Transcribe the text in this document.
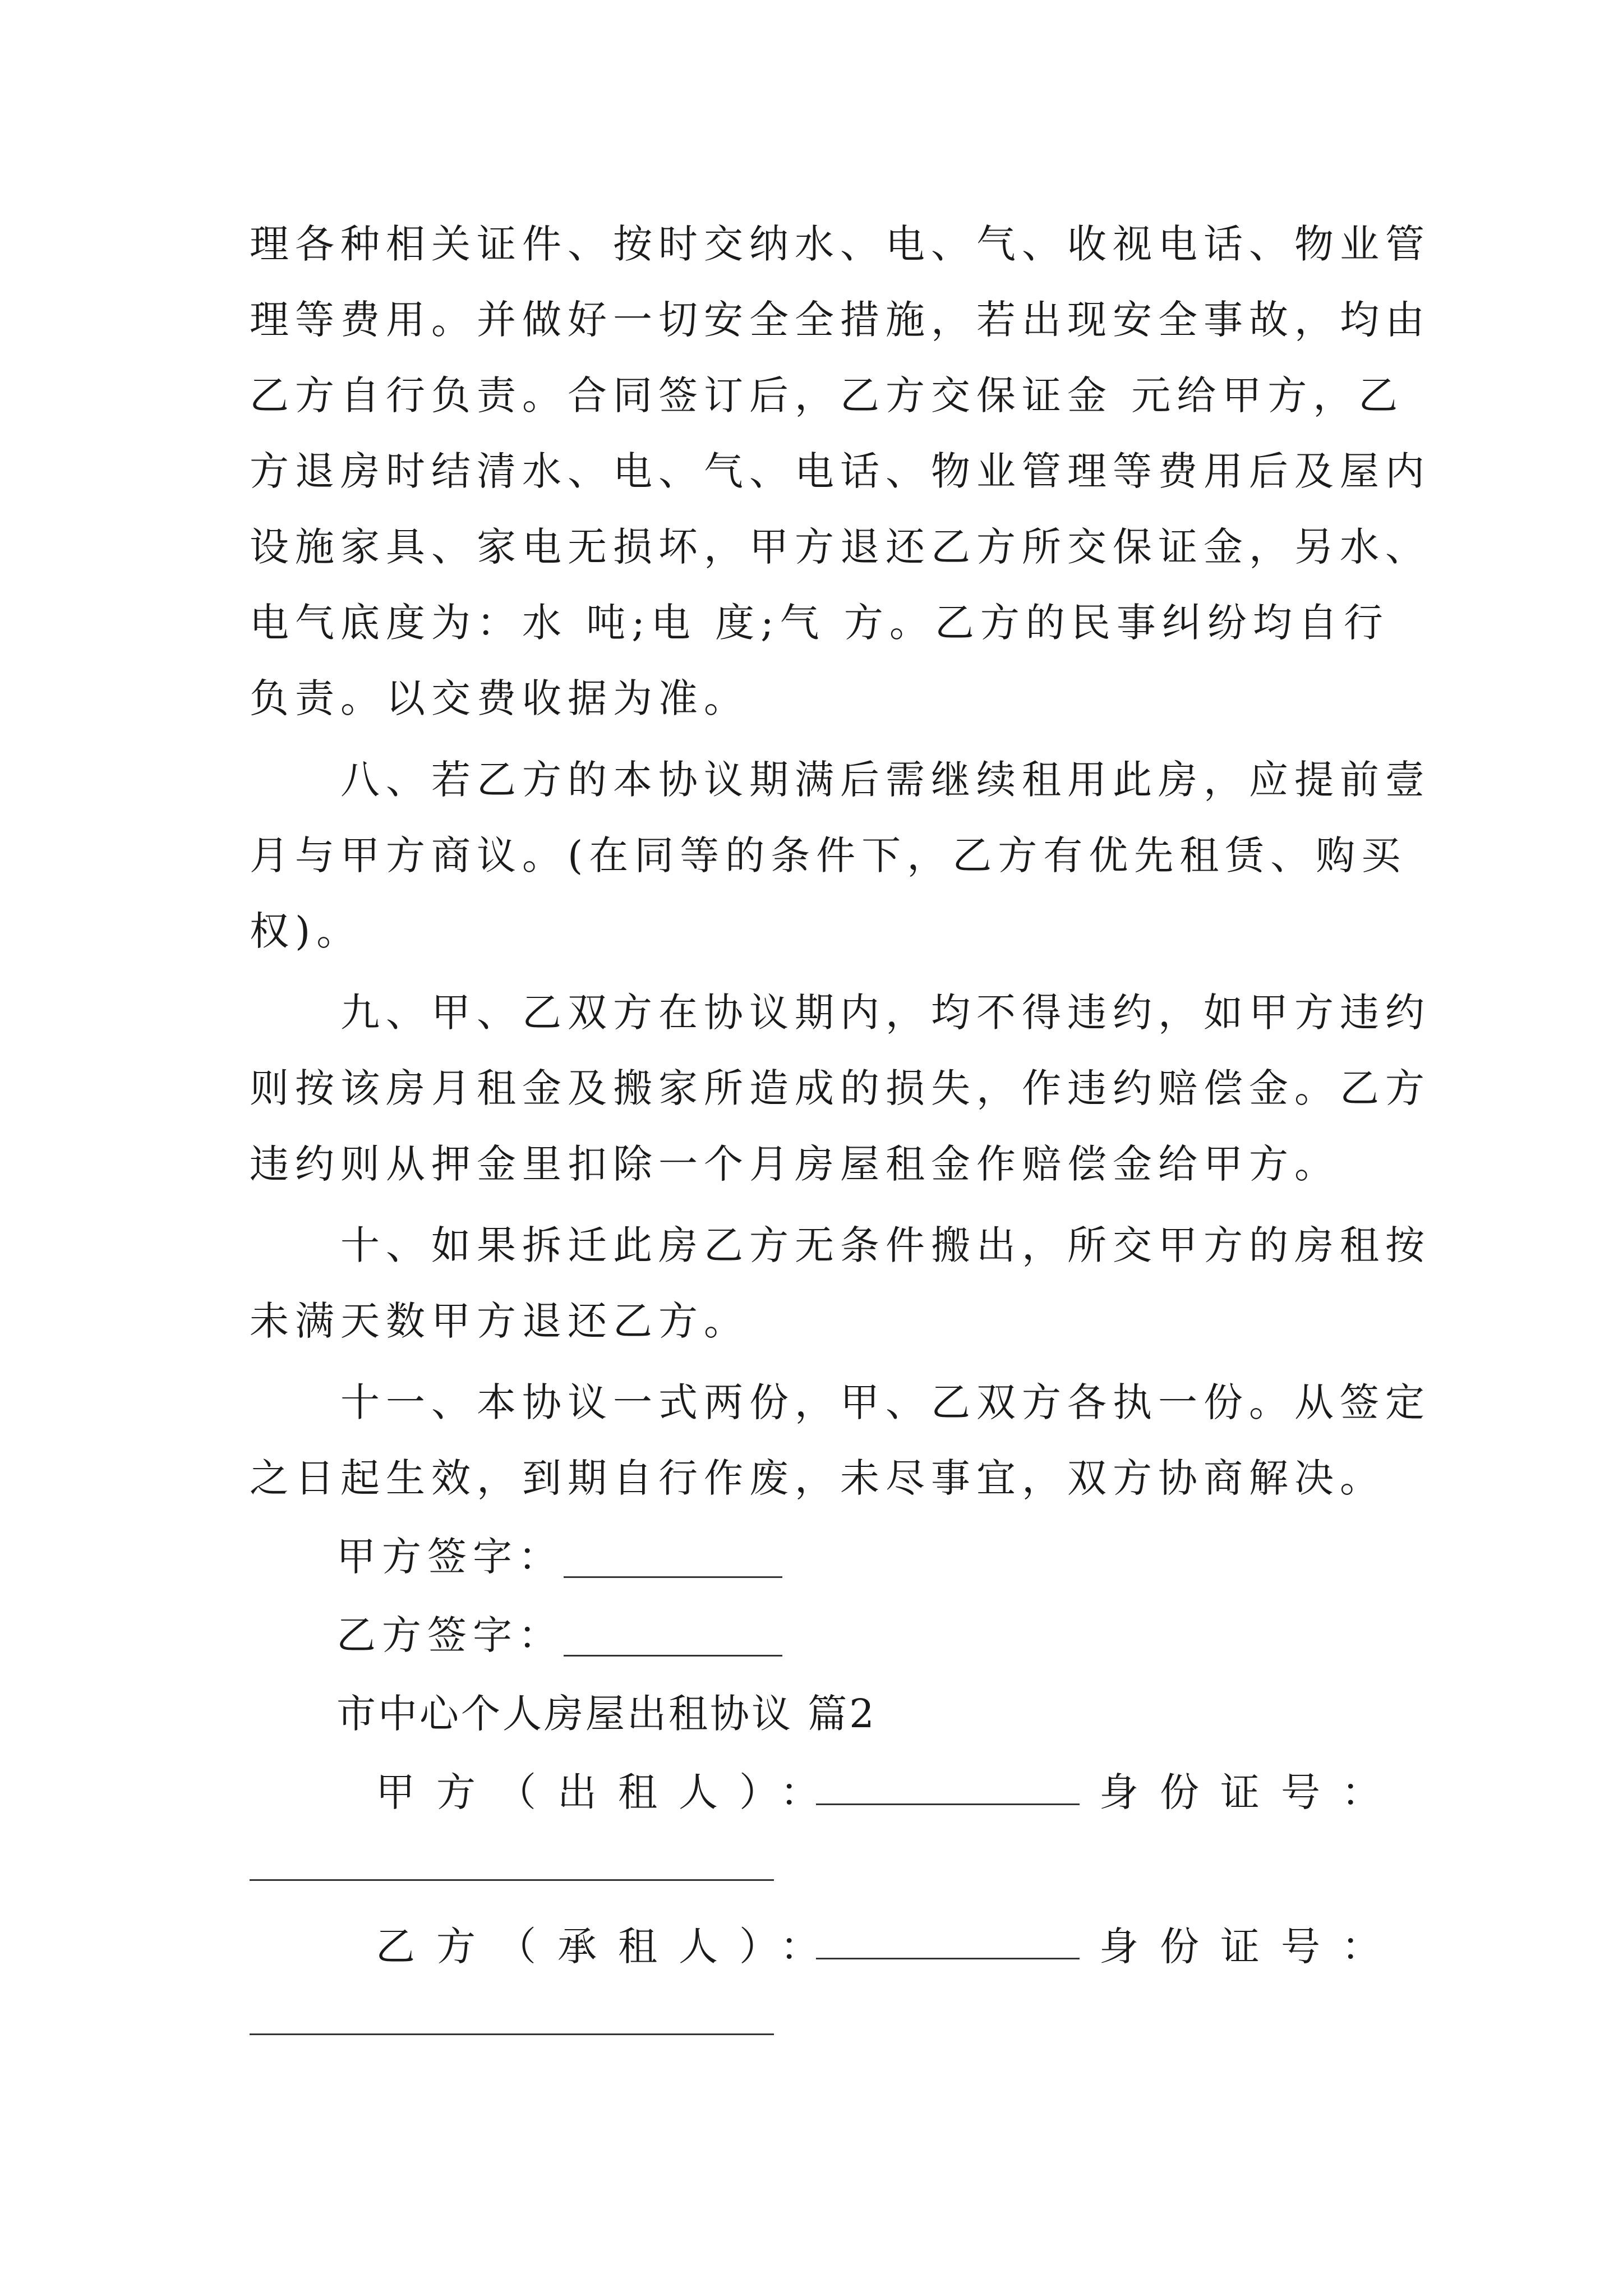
理各种相关证件、按时交纳水、电、气、收视电话、物业管
理等费用。并做好一切安全全措施，若出现安全事故，均由
乙方自行负责。合同签订后，乙方交保证金 元给甲方，乙
方退房时结清水、电、气、电话、物业管理等费用后及屋内
设施家具、家电无损坏，甲方退还乙方所交保证金，另水、
电气底度为：水 吨;电 度;气 方。乙方的民事纠纷均自行
负责。以交费收据为准。
　　八、若乙方的本协议期满后需继续租用此房，应提前壹
月与甲方商议。(在同等的条件下，乙方有优先租赁、购买
权)。
　　九、甲、乙双方在协议期内，均不得违约，如甲方违约
则按该房月租金及搬家所造成的损失，作违约赔偿金。乙方
违约则从押金里扣除一个月房屋租金作赔偿金给甲方。
　　十、如果拆迁此房乙方无条件搬出，所交甲方的房租按
未满天数甲方退还乙方。
　　十一、本协议一式两份，甲、乙双方各执一份。从签定
之日起生效，到期自行作废，未尽事宜，双方协商解决。
甲方签字：
乙方签字：
市中心个人房屋出租协议 篇2
甲方（出租人）：	身份证号：
乙方（承租人）：	身份证号：
